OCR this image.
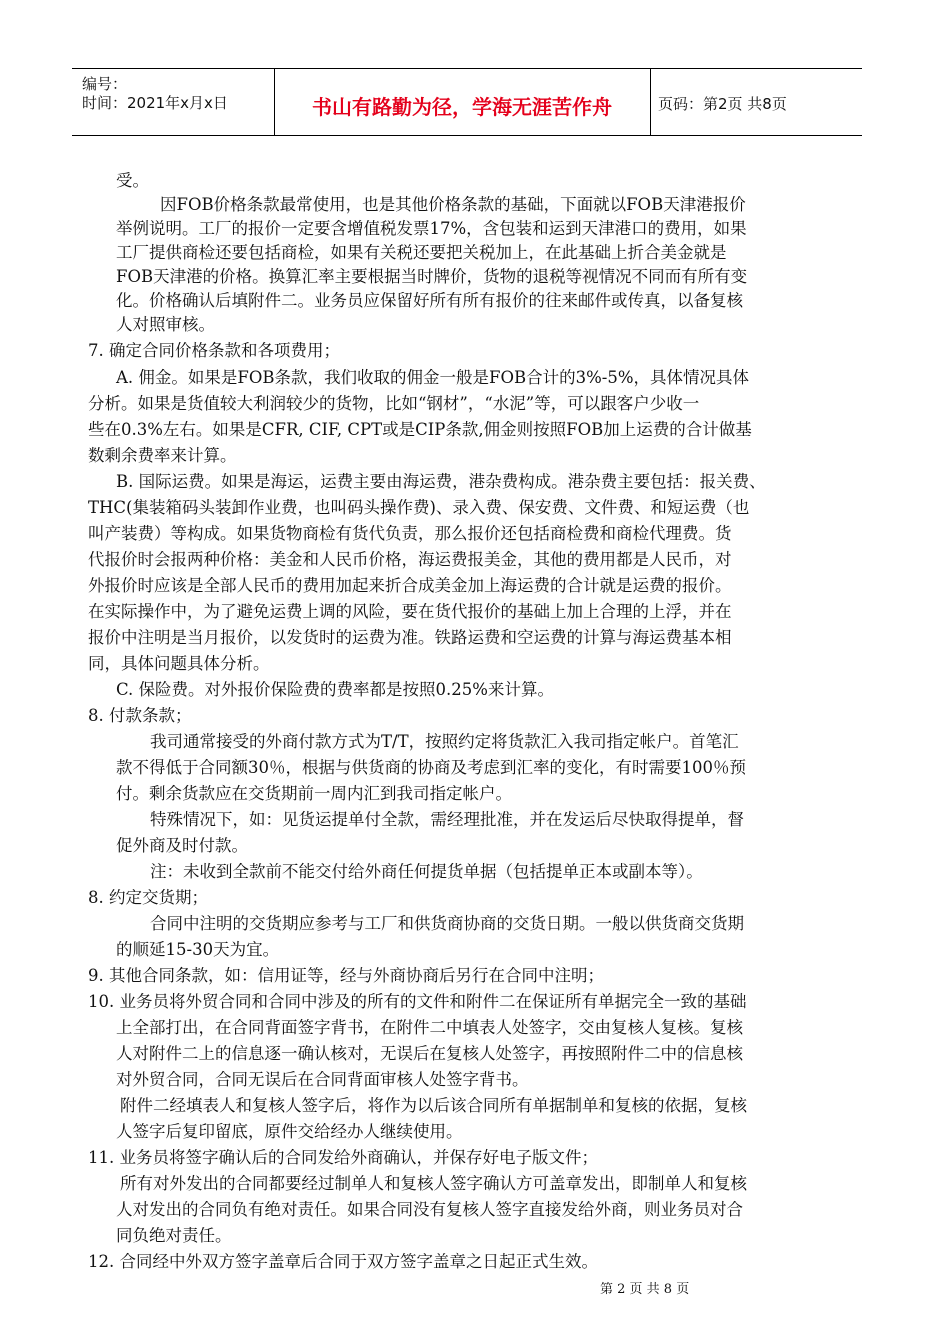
编号：
时间：2021年x月x日	书山有路勤为径，学海无涯苦作舟	页码：第2页 共8页
受。
因FOB价格条款最常使用，也是其他价格条款的基础，下面就以FOB天津港报价
举例说明。工厂的报价一定要含增值税发票17%，含包装和运到天津港口的费用，如果
工厂提供商检还要包括商检，如果有关税还要把关税加上，在此基础上折合美金就是
FOB天津港的价格。换算汇率主要根据当时牌价，货物的退税等视情况不同而有所有变
化。价格确认后填附件二。业务员应保留好所有所有报价的往来邮件或传真，以备复核
人对照审核。
7. 确定合同价格条款和各项费用；
A. 佣金。如果是FOB条款，我们收取的佣金一般是FOB合计的3%-5%，具体情况具体
分析。如果是货值较大利润较少的货物，比如“钢材”，“水泥”等，可以跟客户少收一
些在0.3%左右。如果是CFR, CIF, CPT或是CIP条款,佣金则按照FOB加上运费的合计做基
数剩余费率来计算。
B. 国际运费。如果是海运，运费主要由海运费，港杂费构成。港杂费主要包括：报关费、
THC(集装箱码头装卸作业费，也叫码头操作费)、录入费、保安费、文件费、和短运费（也
叫产装费）等构成。如果货物商检有货代负责，那么报价还包括商检费和商检代理费。货
代报价时会报两种价格：美金和人民币价格，海运费报美金，其他的费用都是人民币，对
外报价时应该是全部人民币的费用加起来折合成美金加上海运费的合计就是运费的报价。
在实际操作中，为了避免运费上调的风险，要在货代报价的基础上加上合理的上浮，并在
报价中注明是当月报价，以发货时的运费为准。铁路运费和空运费的计算与海运费基本相
同，具体问题具体分析。
C. 保险费。对外报价保险费的费率都是按照0.25%来计算。
8. 付款条款；
我司通常接受的外商付款方式为T/T，按照约定将货款汇入我司指定帐户。首笔汇
款不得低于合同额30％，根据与供货商的协商及考虑到汇率的变化，有时需要100％预
付。剩余货款应在交货期前一周内汇到我司指定帐户。
特殊情况下，如：见货运提单付全款，需经理批准，并在发运后尽快取得提单，督
促外商及时付款。
注：未收到全款前不能交付给外商任何提货单据（包括提单正本或副本等）。
8. 约定交货期；
合同中注明的交货期应参考与工厂和供货商协商的交货日期。一般以供货商交货期
的顺延15-30天为宜。
9. 其他合同条款，如：信用证等，经与外商协商后另行在合同中注明；
10. 业务员将外贸合同和合同中涉及的所有的文件和附件二在保证所有单据完全一致的基础
上全部打出，在合同背面签字背书，在附件二中填表人处签字，交由复核人复核。复核
人对附件二上的信息逐一确认核对，无误后在复核人处签字，再按照附件二中的信息核
对外贸合同，合同无误后在合同背面审核人处签字背书。
附件二经填表人和复核人签字后，将作为以后该合同所有单据制单和复核的依据，复核
人签字后复印留底，原件交给经办人继续使用。
11. 业务员将签字确认后的合同发给外商确认，并保存好电子版文件；
所有对外发出的合同都要经过制单人和复核人签字确认方可盖章发出，即制单人和复核
人对发出的合同负有绝对责任。如果合同没有复核人签字直接发给外商，则业务员对合
同负绝对责任。
12. 合同经中外双方签字盖章后合同于双方签字盖章之日起正式生效。
第 2 页 共 8 页
